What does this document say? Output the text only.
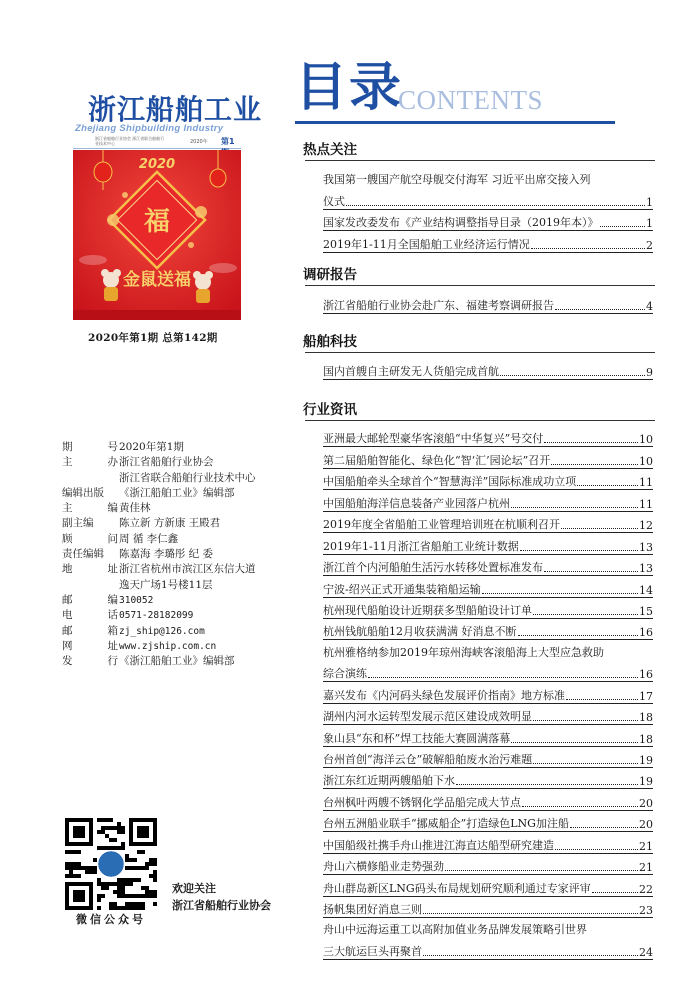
浙江船舶工业
Zhejiang Shipbuilding Industry
浙江省船舶行业协会 浙江省联合船舶行业技术中心	2020年 第1
2020
福
金鼠送福
2020年第1期 总第142期
期	号 2020年第1期
主	办 浙江省船舶行业协会
浙江省联合船舶行业技术中心
编辑出版 《浙江船舶工业》编辑部
主	编 黄佳林
副主编 陈立新 方新康 王殿君
顾	问 周 循 李仁鑫
责任编辑 陈嘉海 李璐彤 纪 委
地	址 浙江省杭州市滨江区东信大道
逸天广场1号楼11层
邮	编 310052
电	话 0571-28182099
邮	箱 zj_ship@126.com
网	址 www.zjship.com.cn
发	行 《浙江船舶工业》编辑部
微信公众号
欢迎关注
浙江省船舶行业协会
目录
CONTENTS
热点关注
我国第一艘国产航空母舰交付海军 习近平出席交接入列
仪式	1
国家发改委发布《产业结构调整指导目录（2019年本）》	1
2019年1-11月全国船舶工业经济运行情况	2
调研报告
浙江省船舶行业协会赴广东、福建考察调研报告	4
船舶科技
国内首艘自主研发无人货船完成首航	9
行业资讯
亚洲最大邮轮型豪华客滚船“中华复兴”号交付	10
第二届船舶智能化、绿色化“智‘汇’园论坛”召开	10
中国船舶牵头全球首个“智慧海洋”国际标准成功立项	11
中国船舶海洋信息装备产业园落户杭州	11
2019年度全省船舶工业管理培训班在杭顺利召开	12
2019年1-11月浙江省船舶工业统计数据	13
浙江首个内河船舶生活污水转移处置标准发布	13
宁波-绍兴正式开通集装箱船运输	14
杭州现代船舶设计近期获多型船舶设计订单	15
杭州钱航船舶12月收获满满 好消息不断	16
杭州雅格纳参加2019年琼州海峡客滚船海上大型应急救助
综合演练	16
嘉兴发布《内河码头绿色发展评价指南》地方标准	17
湖州内河水运转型发展示范区建设成效明显	18
象山县“东和杯”焊工技能大赛圆满落幕	18
台州首创“海洋云仓”破解船舶废水治污难题	19
浙江东红近期两艘船舶下水	19
台州枫叶两艘不锈钢化学品船完成大节点	20
台州五洲船业联手“挪威船企”打造绿色LNG加注船	20
中国船级社携手舟山推进江海直达船型研究建造	21
舟山六横修船业走势强劲	21
舟山群岛新区LNG码头布局规划研究顺利通过专家评审	22
扬帆集团好消息三则	23
舟山中远海运重工以高附加值业务品牌发展策略引世界
三大航运巨头再聚首	24
